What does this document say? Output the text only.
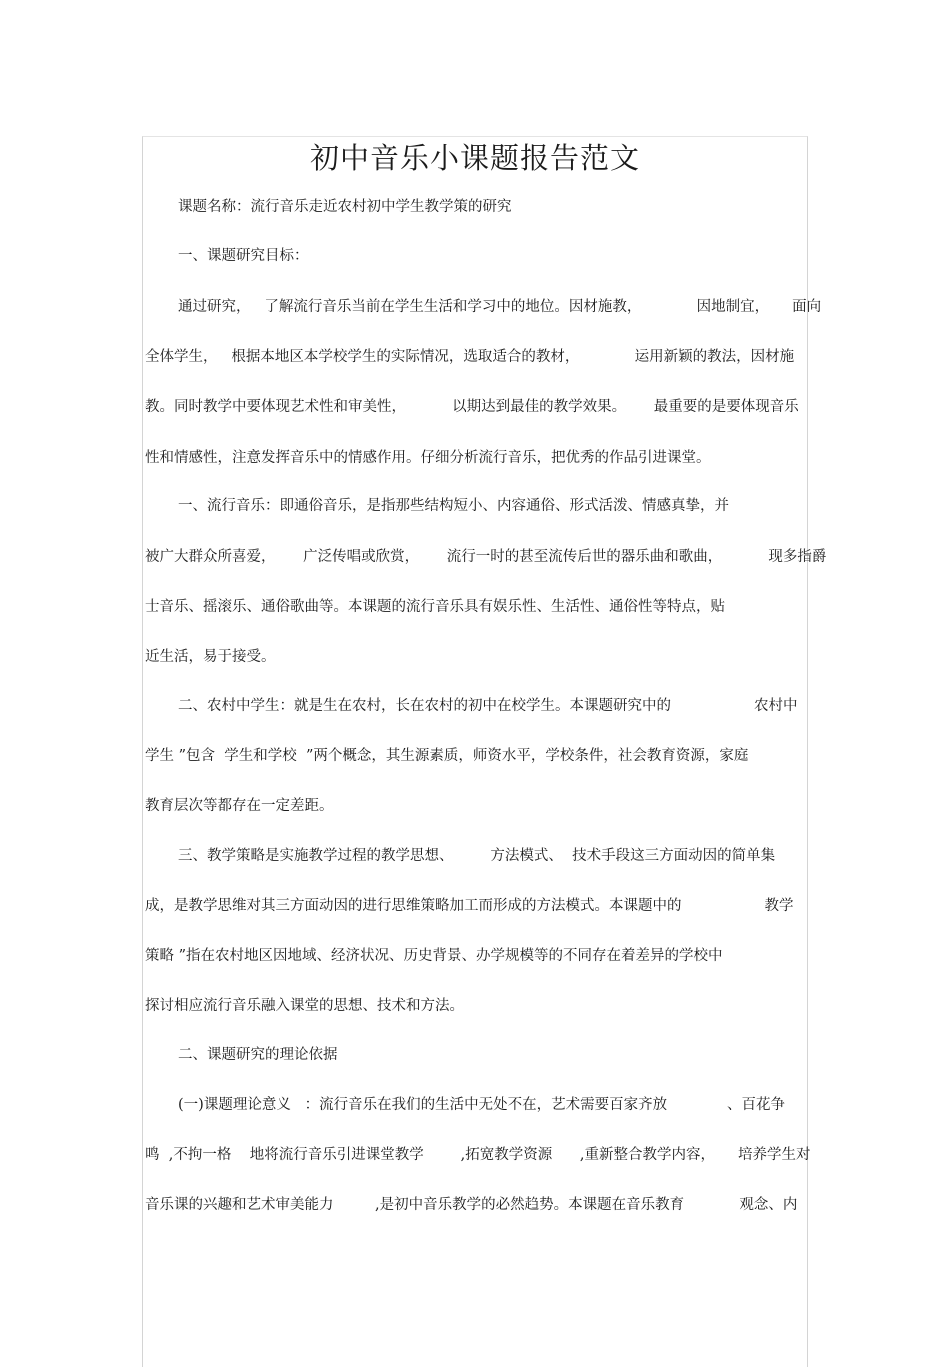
初中音乐小课题报告范文
课题名称：流行音乐走近农村初中学生教学策的研究
一、课题研究目标：
通过研究，   了解流行音乐当前在学生生活和学习中的地位。因材施教，            因地制宜，     面向
全体学生，   根据本地区本学校学生的实际情况，选取适合的教材，            运用新颖的教法，因材施
教。同时教学中要体现艺术性和审美性，          以期达到最佳的教学效果。      最重要的是要体现音乐
性和情感性，注意发挥音乐中的情感作用。仔细分析流行音乐，把优秀的作品引进课堂。
一、流行音乐：即通俗音乐，是指那些结构短小、内容通俗、形式活泼、情感真挚，并
被广大群众所喜爱，      广泛传唱或欣赏，      流行一时的甚至流传后世的器乐曲和歌曲，          现多指爵
士音乐、摇滚乐、通俗歌曲等。本课题的流行音乐具有娱乐性、生活性、通俗性等特点，贴
近生活，易于接受。
二、农村中学生：就是生在农村，长在农村的初中在校学生。本课题研究中的                  农村中
学生 ”包含  学生和学校  ”两个概念，其生源素质，师资水平，学校条件，社会教育资源，家庭
教育层次等都存在一定差距。
三、教学策略是实施教学过程的教学思想、        方法模式、  技术手段这三方面动因的简单集
成，是教学思维对其三方面动因的进行思维策略加工而形成的方法模式。本课题中的                  教学
策略 ”指在农村地区因地域、经济状况、历史背景、办学规模等的不同存在着差异的学校中
探讨相应流行音乐融入课堂的思想、技术和方法。
二、课题研究的理论依据
(一)课题理论意义   ：流行音乐在我们的生活中无处不在，艺术需要百家齐放             、百花争
鸣  ,不拘一格    地将流行音乐引进课堂教学        ,拓宽教学资源      ,重新整合教学内容，     培养学生对
音乐课的兴趣和艺术审美能力         ,是初中音乐教学的必然趋势。本课题在音乐教育            观念、内
